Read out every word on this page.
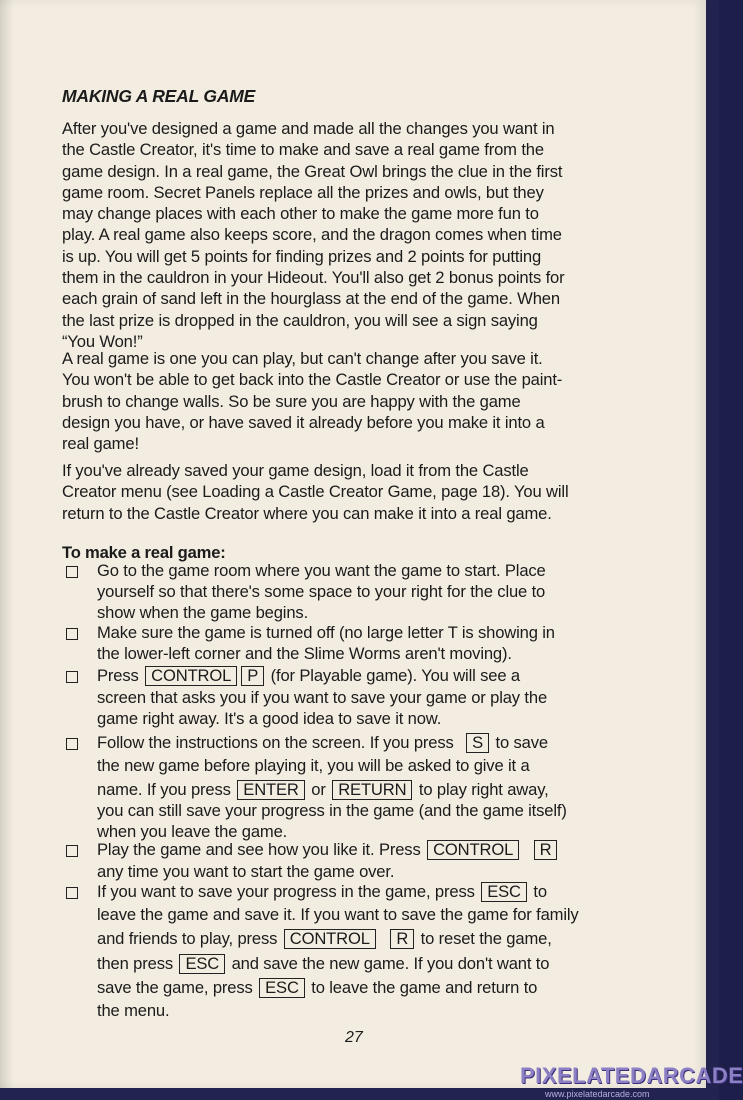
MAKING A REAL GAME

After you've designed a game and made all the changes you want in
the Castle Creator, it's time to make and save a real game from the
game design. In a real game, the Great Owl brings the clue in the first
game room. Secret Panels replace all the prizes and owls, but they
may change places with each other to make the game more fun to
play. A real game also keeps score, and the dragon comes when time
is up. You will get 5 points for finding prizes and 2 points for putting
them in the cauldron in your Hideout. You'll also get 2 bonus points for
each grain of sand left in the hourglass at the end of the game. When
the last prize is dropped in the cauldron, you will see a sign saying
“You Won!”

A real game is one you can play, but can't change after you save it.
You won't be able to get back into the Castle Creator or use the paint-
brush to change walls. So be sure you are happy with the game
design you have, or have saved it already before you make it into a
real game!

If you've already saved your game design, load it from the Castle
Creator menu (see Loading a Castle Creator Game, page 18). You will
return to the Castle Creator where you can make it into a real game.

To make a real game:
Go to the game room where you want the game to start. Place
yourself so that there's some space to your right for the clue to
show when the game begins.
Make sure the game is turned off (no large letter T is showing in
the lower-left corner and the Slime Worms aren't moving).
Press CONTROL P (for Playable game). You will see a
screen that asks you if you want to save your game or play the
game right away. It's a good idea to save it now.
Follow the instructions on the screen. If you press S to save
the new game before playing it, you will be asked to give it a
name. If you press ENTER or RETURN to play right away,
you can still save your progress in the game (and the game itself)
when you leave the game.
Play the game and see how you like it. Press CONTROL R
any time you want to start the game over.
If you want to save your progress in the game, press ESC to
leave the game and save it. If you want to save the game for family
and friends to play, press CONTROL R to reset the game,
then press ESC and save the new game. If you don't want to
save the game, press ESC to leave the game and return to
the menu.
27
PIXELATEDARCADE
www.pixelatedarcade.com
